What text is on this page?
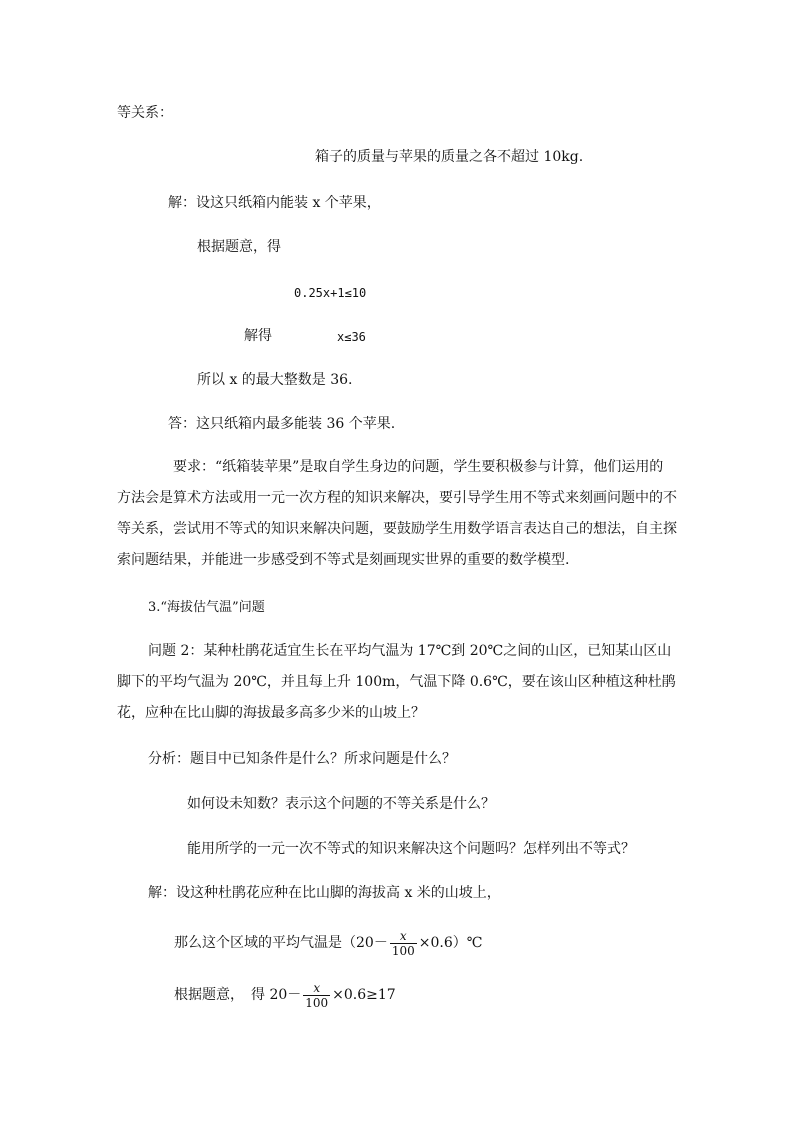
等关系：
箱子的质量与苹果的质量之各不超过 10kg.
解：设这只纸箱内能装 x 个苹果，
根据题意，得
0.25x+1≤10
解得	x≤36
所以 x 的最大整数是 36.
答：这只纸箱内最多能装 36 个苹果.
要求：“纸箱装苹果”是取自学生身边的问题，学生要积极参与计算，他们运用的方法会是算术方法或用一元一次方程的知识来解决，要引导学生用不等式来刻画问题中的不等关系，尝试用不等式的知识来解决问题，要鼓励学生用数学语言表达自己的想法，自主探索问题结果，并能进一步感受到不等式是刻画现实世界的重要的数学模型.
3.“海拔估气温”问题
问题 2：某种杜鹃花适宜生长在平均气温为 17℃到 20℃之间的山区，已知某山区山脚下的平均气温为 20℃，并且每上升 100m，气温下降 0.6℃，要在该山区种植这种杜鹃花，应种在比山脚的海拔最多高多少米的山坡上？
分析：题目中已知条件是什么？所求问题是什么？
如何设未知数？表示这个问题的不等关系是什么？
能用所学的一元一次不等式的知识来解决这个问题吗？怎样列出不等式？
解：设这种杜鹃花应种在比山脚的海拔高 x 米的山坡上，
那么这个区域的平均气温是（$20- \frac{x}{100}$ ×0.6）℃
根据题意，　得 $20- \frac{x}{100} \times 0.6\ge 17$
